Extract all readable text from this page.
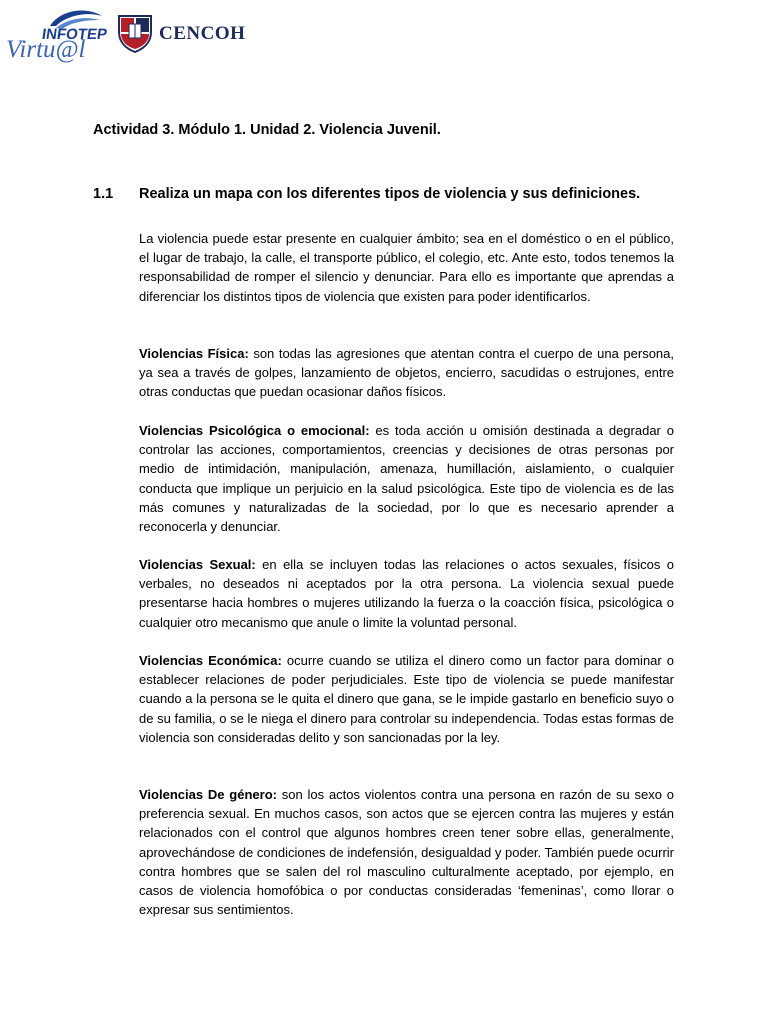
INFOTEP
Virtu@l
CENCOH
Actividad 3. Módulo 1. Unidad 2. Violencia Juvenil.
1.1 Realiza un mapa con los diferentes tipos de violencia y sus definiciones.

La violencia puede estar presente en cualquier ámbito; sea en el doméstico o en el público, el lugar de trabajo, la calle, el transporte público, el colegio, etc. Ante esto, todos tenemos la responsabilidad de romper el silencio y denunciar. Para ello es importante que aprendas a diferenciar los distintos tipos de violencia que existen para poder identificarlos.

Violencias Física: son todas las agresiones que atentan contra el cuerpo de una persona, ya sea a través de golpes, lanzamiento de objetos, encierro, sacudidas o estrujones, entre otras conductas que puedan ocasionar daños físicos.

Violencias Psicológica o emocional: es toda acción u omisión destinada a degradar o controlar las acciones, comportamientos, creencias y decisiones de otras personas por medio de intimidación, manipulación, amenaza, humillación, aislamiento, o cualquier conducta que implique un perjuicio en la salud psicológica. Este tipo de violencia es de las más comunes y naturalizadas de la sociedad, por lo que es necesario aprender a reconocerla y denunciar.

Violencias Sexual: en ella se incluyen todas las relaciones o actos sexuales, físicos o verbales, no deseados ni aceptados por la otra persona. La violencia sexual puede presentarse hacia hombres o mujeres utilizando la fuerza o la coacción física, psicológica o cualquier otro mecanismo que anule o limite la voluntad personal.

Violencias Económica: ocurre cuando se utiliza el dinero como un factor para dominar o establecer relaciones de poder perjudiciales. Este tipo de violencia se puede manifestar cuando a la persona se le quita el dinero que gana, se le impide gastarlo en beneficio suyo o de su familia, o se le niega el dinero para controlar su independencia. Todas estas formas de violencia son consideradas delito y son sancionadas por la ley.

Violencias De género: son los actos violentos contra una persona en razón de su sexo o preferencia sexual. En muchos casos, son actos que se ejercen contra las mujeres y están relacionados con el control que algunos hombres creen tener sobre ellas, generalmente, aprovechándose de condiciones de indefensión, desigualdad y poder. También puede ocurrir contra hombres que se salen del rol masculino culturalmente aceptado, por ejemplo, en casos de violencia homofóbica o por conductas consideradas ‘femeninas’, como llorar o expresar sus sentimientos.
